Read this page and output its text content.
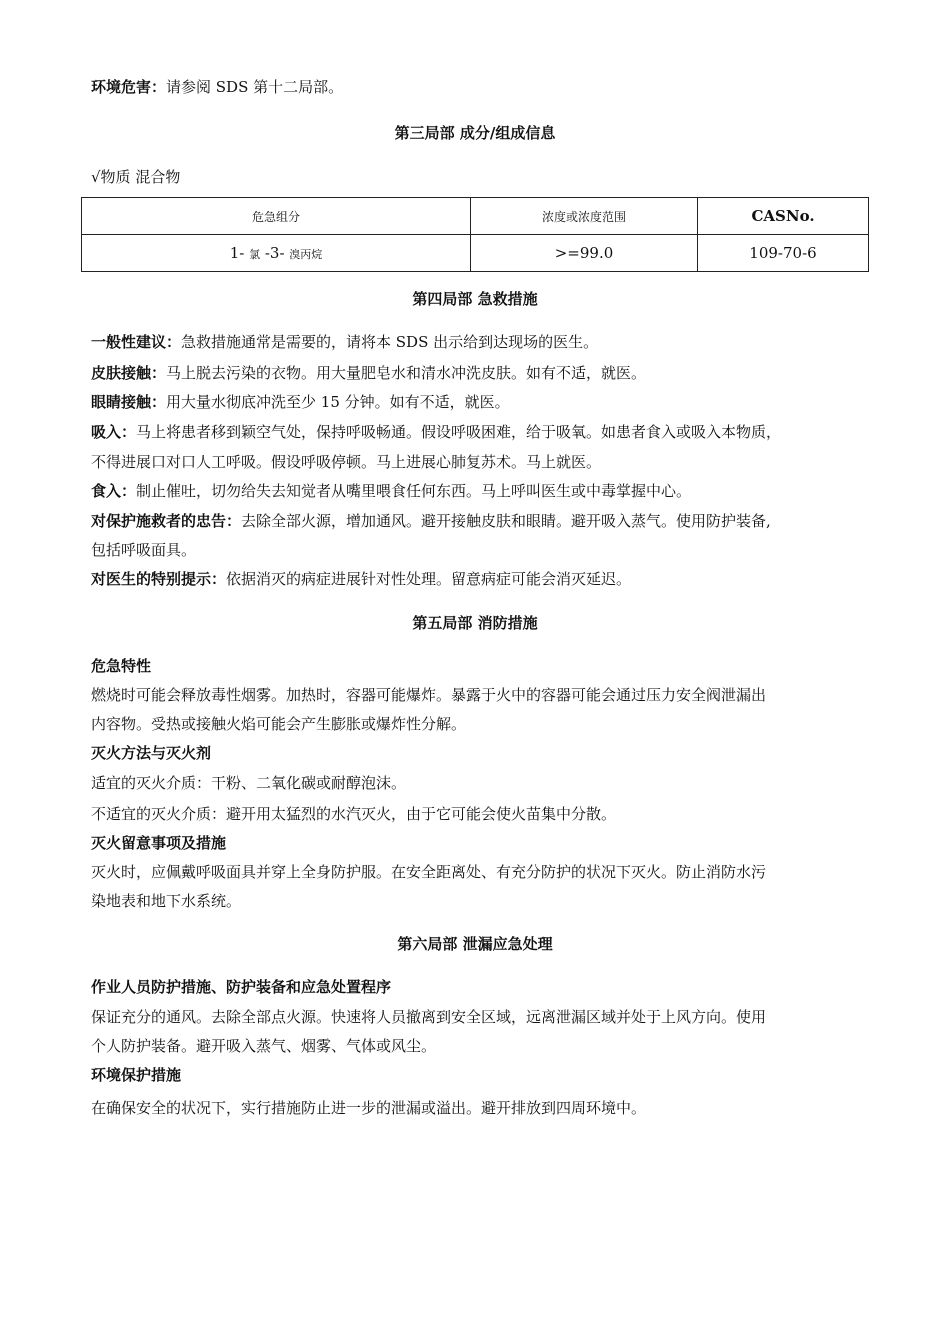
环境危害：请参阅 SDS 第十二局部。
第三局部 成分/组成信息
√物质 混合物
危急组分	浓度或浓度范围	CASNo.
1- 氯 -3- 溴丙烷	>=99.0	109-70-6
第四局部 急救措施
一般性建议：急救措施通常是需要的，请将本 SDS 出示给到达现场的医生。
皮肤接触：马上脱去污染的衣物。用大量肥皂水和清水冲洗皮肤。如有不适，就医。
眼睛接触：用大量水彻底冲洗至少 15 分钟。如有不适，就医。
吸入：马上将患者移到颖空气处，保持呼吸畅通。假设呼吸困难，给于吸氧。如患者食入或吸入本物质，
不得进展口对口人工呼吸。假设呼吸停顿。马上进展心肺复苏术。马上就医。
食入：制止催吐，切勿给失去知觉者从嘴里喂食任何东西。马上呼叫医生或中毒掌握中心。
对保护施救者的忠告：去除全部火源，增加通风。避开接触皮肤和眼睛。避开吸入蒸气。使用防护装备,
包括呼吸面具。
对医生的特别提示：依据消灭的病症进展针对性处理。留意病症可能会消灭延迟。
第五局部 消防措施
危急特性
燃烧时可能会释放毒性烟雾。加热时，容器可能爆炸。暴露于火中的容器可能会通过压力安全阀泄漏出
内容物。受热或接触火焰可能会产生膨胀或爆炸性分解。
灭火方法与灭火剂
适宜的灭火介质：干粉、二氧化碳或耐醇泡沫。
不适宜的灭火介质：避开用太猛烈的水汽灭火，由于它可能会使火苗集中分散。
灭火留意事项及措施
灭火时，应佩戴呼吸面具并穿上全身防护服。在安全距离处、有充分防护的状况下灭火。防止消防水污
染地表和地下水系统。
第六局部 泄漏应急处理
作业人员防护措施、防护装备和应急处置程序
保证充分的通风。去除全部点火源。快速将人员撤离到安全区域，远离泄漏区域并处于上风方向。使用
个人防护装备。避开吸入蒸气、烟雾、气体或风尘。
环境保护措施
在确保安全的状况下，实行措施防止进一步的泄漏或溢出。避开排放到四周环境中。
